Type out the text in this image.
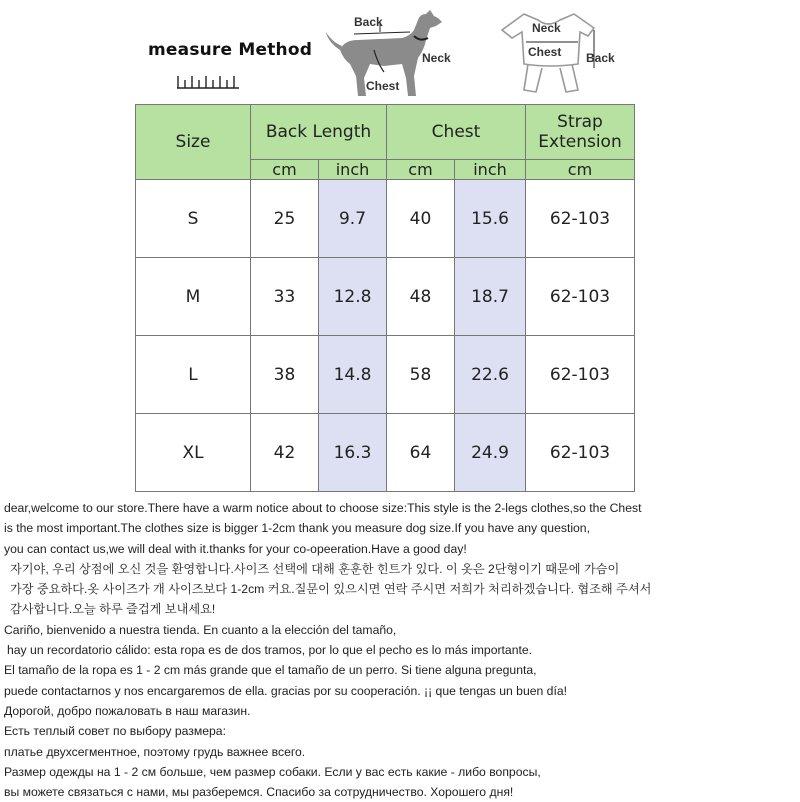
measure Method
Back
Neck
Chest
Neck
Chest Back
Size	Back Length		Chest		Strap Extension
	cm	inch	cm	inch	cm
S	25	9.7	40	15.6	62-103
M	33	12.8	48	18.7	62-103
L	38	14.8	58	22.6	62-103
XL	42	16.3	64	24.9	62-103

dear,welcome to our store.There have a warm notice about to choose size:This style is the 2-legs clothes,so the Chest

is the most important.The clothes size is bigger 1-2cm thank you measure dog size.If you have any question,

you can contact us,we will deal with it.thanks for your co-opeeration.Have a good day!

자기야, 우리 상점에 오신 것을 환영합니다.사이즈 선택에 대해 훈훈한 힌트가 있다. 이 옷은 2단형이기 때문에 가슴이

가장 중요하다.옷 사이즈가 개 사이즈보다 1-2cm 커요.질문이 있으시면 연락 주시면 저희가 처리하겠습니다. 협조해 주셔서

감사합니다.오늘 하루 즐겁게 보내세요!

Cariño, bienvenido a nuestra tienda. En cuanto a la elección del tamaño,

hay un recordatorio cálido: esta ropa es de dos tramos, por lo que el pecho es lo más importante.

El tamaño de la ropa es 1 - 2 cm más grande que el tamaño de un perro. Si tiene alguna pregunta,

puede contactarnos y nos encargaremos de ella. gracias por su cooperación. ¡¡ que tengas un buen día!

Дорогой, добро пожаловать в наш магазин.

Есть теплый совет по выбору размера:

платье двухсегментное, поэтому грудь важнее всего.

Размер одежды на 1 - 2 см больше, чем размер собаки. Если у вас есть какие - либо вопросы,

вы можете связаться с нами, мы разберемся. Спасибо за сотрудничество. Хорошего дня!
